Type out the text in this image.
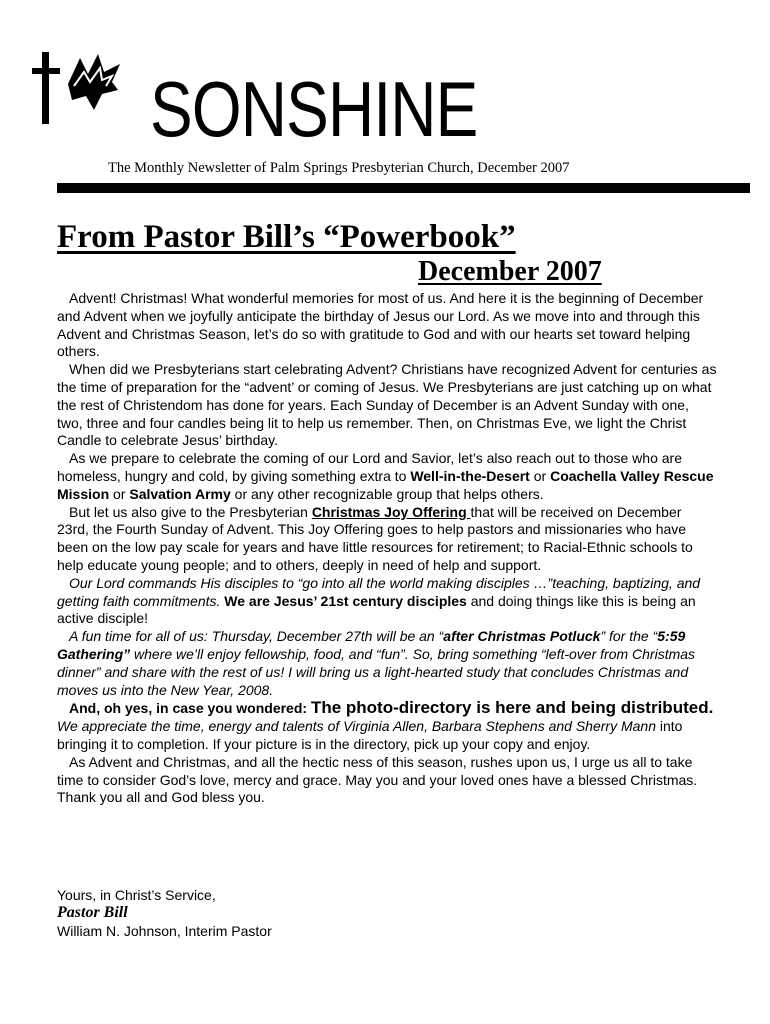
SONSHINE
The Monthly Newsletter of Palm Springs Presbyterian Church, December 2007
From Pastor Bill’s “Powerbook”
December 2007

Advent! Christmas! What wonderful memories for most of us. And here it is the beginning of December and Advent when we joyfully anticipate the birthday of Jesus our Lord. As we move into and through this Advent and Christmas Season, let’s do so with gratitude to God and with our hearts set toward helping others.

When did we Presbyterians start celebrating Advent? Christians have recognized Advent for centuries as the time of preparation for the “advent’ or coming of Jesus. We Presbyterians are just catching up on what the rest of Christendom has done for years. Each Sunday of December is an Advent Sunday with one, two, three and four candles being lit to help us remember. Then, on Christmas Eve, we light the Christ Candle to celebrate Jesus’ birthday.

As we prepare to celebrate the coming of our Lord and Savior, let’s also reach out to those who are homeless, hungry and cold, by giving something extra to Well-in-the-Desert or Coachella Valley Rescue Mission or Salvation Army or any other recognizable group that helps others.

But let us also give to the Presbyterian Christmas Joy Offering that will be received on December 23rd, the Fourth Sunday of Advent. This Joy Offering goes to help pastors and missionaries who have been on the low pay scale for years and have little resources for retirement; to Racial-Ethnic schools to help educate young people; and to others, deeply in need of help and support.

Our Lord commands His disciples to “go into all the world making disciples …”teaching, baptizing, and getting faith commitments. We are Jesus’ 21st century disciples and doing things like this is being an active disciple!

A fun time for all of us: Thursday, December 27th will be an “after Christmas Potluck” for the “5:59 Gathering” where we’ll enjoy fellowship, food, and “fun”. So, bring something “left-over from Christmas dinner” and share with the rest of us! I will bring us a light-hearted study that concludes Christmas and moves us into the New Year, 2008.

And, oh yes, in case you wondered: The photo-directory is here and being distributed. We appreciate the time, energy and talents of Virginia Allen, Barbara Stephens and Sherry Mann into bringing it to completion. If your picture is in the directory, pick up your copy and enjoy.

As Advent and Christmas, and all the hectic ness of this season, rushes upon us, I urge us all to take time to consider God’s love, mercy and grace. May you and your loved ones have a blessed Christmas. Thank you all and God bless you.

Yours, in Christ’s Service,
Pastor Bill
William N. Johnson, Interim Pastor
